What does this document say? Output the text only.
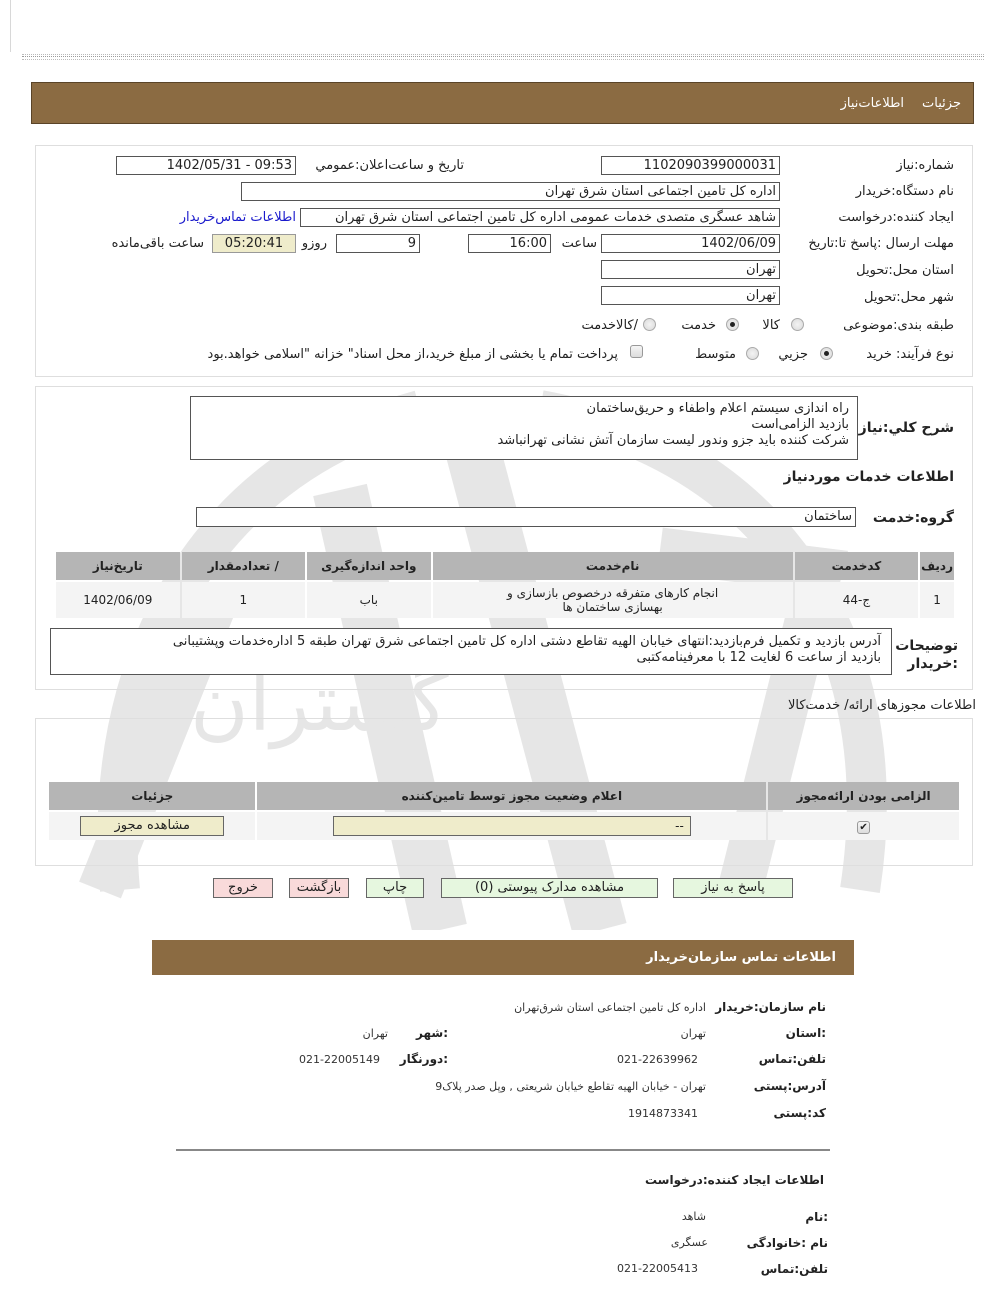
گستران
جزئیات
اطلاعات‌نیاز
شماره:نیاز
1102090399000031
تاریخ و ساعت‌اعلان:عمومي
1402/05/31 - 09:53
نام دستگاه:خریدار
اداره کل تامین اجتماعی استان شرق تهران
ایجاد کننده:درخواست
شاهد عسگری متصدی خدمات عمومی اداره کل تامین اجتماعی استان شرق تهران
اطلاعات تماس‌خریدار
مهلت ارسال :پاسخ تا:تاریخ
1402/06/09
ساعت
16:00
9
روزو
05:20:41
ساعت باقی‌مانده
استان محل:تحویل
تهران
شهر محل:تحویل
تهران
طبقه بندی:موضوعی
کالا
خدمت
/کالاخدمت
نوع فرآیند: خرید
جزيي
متوسط
پرداخت تمام یا بخشی از مبلغ خرید،از محل اسناد" خزانه "اسلامی خواهد.بود
شرح کلي:نیاز
راه اندازی سیستم اعلام واطفاء و حریق‌ساختمان
بازدید الزامی‌است
شرکت کننده باید جزو وندور لیست سازمان آتش نشانی تهرانباشد
اطلاعات خدمات موردنیاز
گروه:خدمت
ساختمان
ردیف	کدخدمت	نام‌خدمت	واحد اندازه‌گیری	/ تعدادمقدار	تاریخ‌نیاز
1	ج-44	انجام کارهای متفرقه درخصوص بازسازی و بهسازی ساختمان ها	باب	1	1402/06/09
توضیحات :خریدار
آدرس بازدید و تکمیل فرم‌بازدید:انتهای خیابان الهیه تقاطع دشتی اداره کل تامین اجتماعی شرق تهران طبقه 5 اداره‌خدمات وپشتیبانی
بازدید از ساعت 6 لغایت 12 با معرفینامه‌کتبی
اطلاعات مجوزهای ارائه/ خدمت‌کالا
الزامی بودن ارائه‌مجوز	اعلام وضعیت مجوز توسط تامین‌کننده	جزئیات
✔	--	مشاهده مجوز
پاسخ به نیاز
مشاهده مدارک پیوستی (0)
چاپ
بازگشت
خروج
اطلاعات تماس سازمان‌خریدار
نام سازمان:خریدار
اداره کل تامین اجتماعی استان شرق‌تهران
:استان
تهران
:شهر
تهران
تلفن:تماس
021-22639962
:دورنگار
021-22005149
آدرس:پستی
تهران - خیابان الهیه تقاطع خیابان شریعتی , وپل صدر پلاک9
کد:پستی
1914873341
اطلاعات ایجاد کننده:درخواست
:نام
شاهد
نام :خانوادگی
عسگری
تلفن:تماس
021-22005413
